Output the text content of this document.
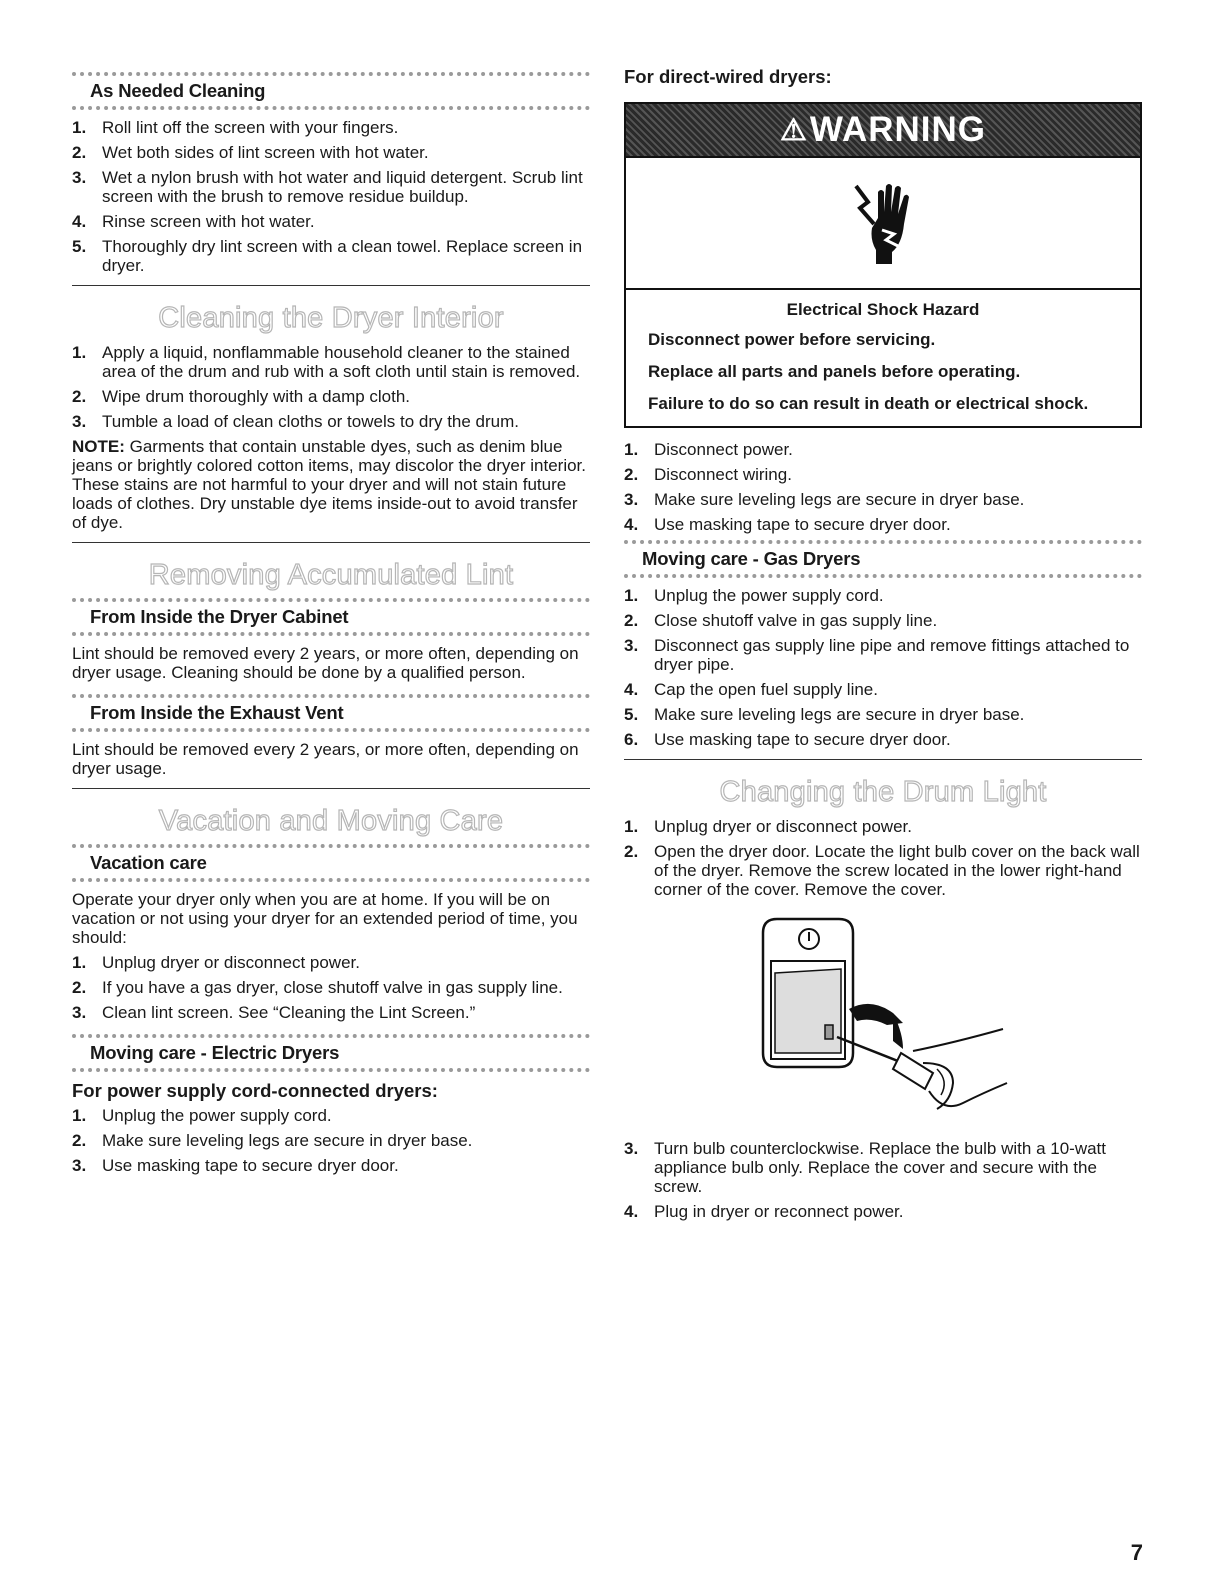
As Needed Cleaning
1. Roll lint off the screen with your fingers.
2. Wet both sides of lint screen with hot water.
3. Wet a nylon brush with hot water and liquid detergent. Scrub lint screen with the brush to remove residue buildup.
4. Rinse screen with hot water.
5. Thoroughly dry lint screen with a clean towel. Replace screen in dryer.
Cleaning the Dryer Interior
1. Apply a liquid, nonflammable household cleaner to the stained area of the drum and rub with a soft cloth until stain is removed.
2. Wipe drum thoroughly with a damp cloth.
3. Tumble a load of clean cloths or towels to dry the drum.

NOTE: Garments that contain unstable dyes, such as denim blue jeans or brightly colored cotton items, may discolor the dryer interior. These stains are not harmful to your dryer and will not stain future loads of clothes. Dry unstable dye items inside-out to avoid transfer of dye.

Removing Accumulated Lint
From Inside the Dryer Cabinet

Lint should be removed every 2 years, or more often, depending on dryer usage. Cleaning should be done by a qualified person.

From Inside the Exhaust Vent

Lint should be removed every 2 years, or more often, depending on dryer usage.

Vacation and Moving Care
Vacation care

Operate your dryer only when you are at home. If you will be on vacation or not using your dryer for an extended period of time, you should:

1. Unplug dryer or disconnect power.
2. If you have a gas dryer, close shutoff valve in gas supply line.
3. Clean lint screen. See “Cleaning the Lint Screen.”
Moving care - Electric Dryers
For power supply cord-connected dryers:
1. Unplug the power supply cord.
2. Make sure leveling legs are secure in dryer base.
3. Use masking tape to secure dryer door.
For direct-wired dryers:
⚠ WARNING
Electrical Shock Hazard
Disconnect power before servicing.
Replace all parts and panels before operating.
Failure to do so can result in death or electrical shock.
1. Disconnect power.
2. Disconnect wiring.
3. Make sure leveling legs are secure in dryer base.
4. Use masking tape to secure dryer door.
Moving care - Gas Dryers
1. Unplug the power supply cord.
2. Close shutoff valve in gas supply line.
3. Disconnect gas supply line pipe and remove fittings attached to dryer pipe.
4. Cap the open fuel supply line.
5. Make sure leveling legs are secure in dryer base.
6. Use masking tape to secure dryer door.
Changing the Drum Light
1. Unplug dryer or disconnect power.
2. Open the dryer door. Locate the light bulb cover on the back wall of the dryer. Remove the screw located in the lower right-hand corner of the cover. Remove the cover.
3. Turn bulb counterclockwise. Replace the bulb with a 10-watt appliance bulb only. Replace the cover and secure with the screw.
4. Plug in dryer or reconnect power.
7
